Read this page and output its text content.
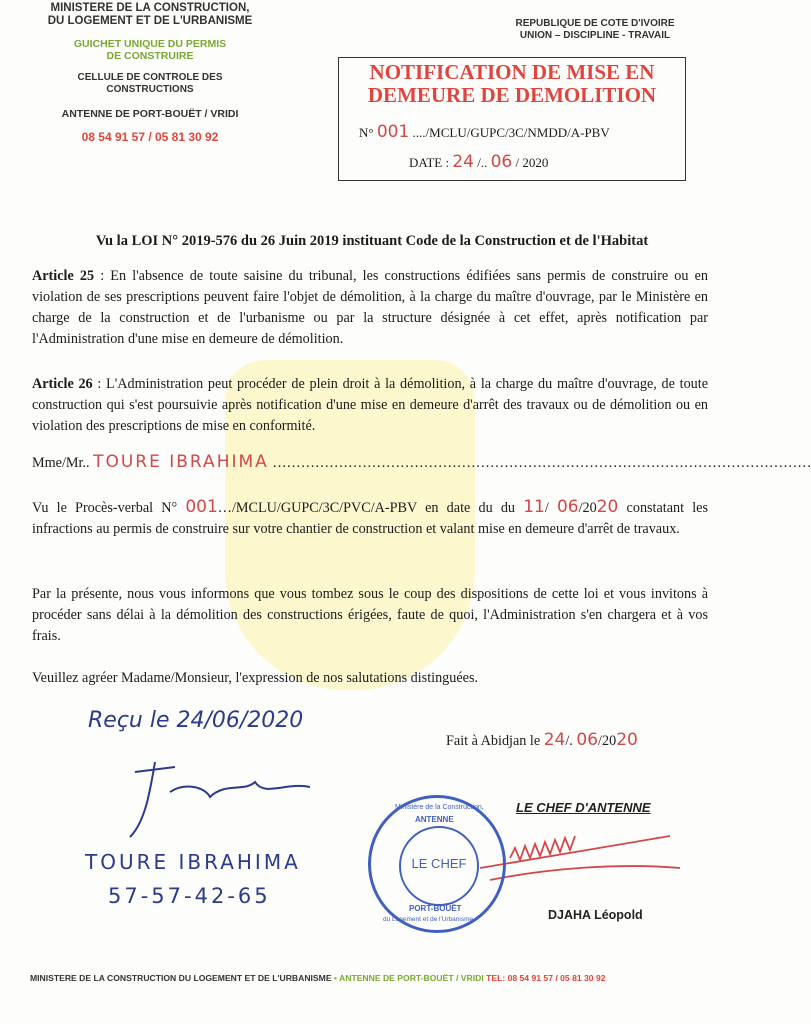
MINISTERE DE LA CONSTRUCTION,
DU LOGEMENT ET DE L'URBANISME
GUICHET UNIQUE DU PERMIS
DE CONSTRUIRE
CELLULE DE CONTROLE DES
CONSTRUCTIONS
ANTENNE DE PORT-BOUËT / VRIDI
08 54 91 57 / 05 81 30 92
REPUBLIQUE DE COTE D'IVOIRE
UNION – DISCIPLINE - TRAVAIL
NOTIFICATION DE MISE EN
DEMEURE DE DEMOLITION
N° 001 ..../MCLU/GUPC/3C/NMDD/A-PBV
DATE : 24 /.. 06 / 2020
Vu la LOI N° 2019-576 du 26 Juin 2019 instituant Code de la Construction et de l'Habitat
Article 25 : En l'absence de toute saisine du tribunal, les constructions édifiées sans permis de construire ou en violation de ses prescriptions peuvent faire l'objet de démolition, à la charge du maître d'ouvrage, par le Ministère en charge de la construction et de l'urbanisme ou par la structure désignée à cet effet, après notification par l'Administration d'une mise en demeure de démolition.
Article 26 : L'Administration peut procéder de plein droit à la démolition, à la charge du maître d'ouvrage, de toute construction qui s'est poursuivie après notification d'une mise en demeure d'arrêt des travaux ou de démolition ou en violation des prescriptions de mise en conformité.
Mme/Mr.. TOURE IBRAHIMA ……………………………………………………………………………………………………
Vu le Procès-verbal N° 001…/MCLU/GUPC/3C/PVC/A-PBV en date du du 11/ 06/2020 constatant les infractions au permis de construire sur votre chantier de construction et valant mise en demeure d'arrêt de travaux.
Par la présente, nous vous informons que vous tombez sous le coup des dispositions de cette loi et vous invitons à procéder sans délai à la démolition des constructions érigées, faute de quoi, l'Administration s'en chargera et à vos frais.
Veuillez agréer Madame/Monsieur, l'expression de nos salutations distinguées.
Fait à Abidjan le 24/. 06/2020
Reçu le 24/06/2020
TOURE IBRAHIMA
57-57-42-65
LE CHEF D'ANTENNE
DJAHA Léopold
LE CHEF
Ministère de la Construction,
ANTENNE
PORT-BOUËT
du Logement et de l'Urbanisme
MINISTERE DE LA CONSTRUCTION DU LOGEMENT ET DE L'URBANISME • ANTENNE DE PORT-BOUËT / VRIDI TEL: 08 54 91 57 / 05 81 30 92
